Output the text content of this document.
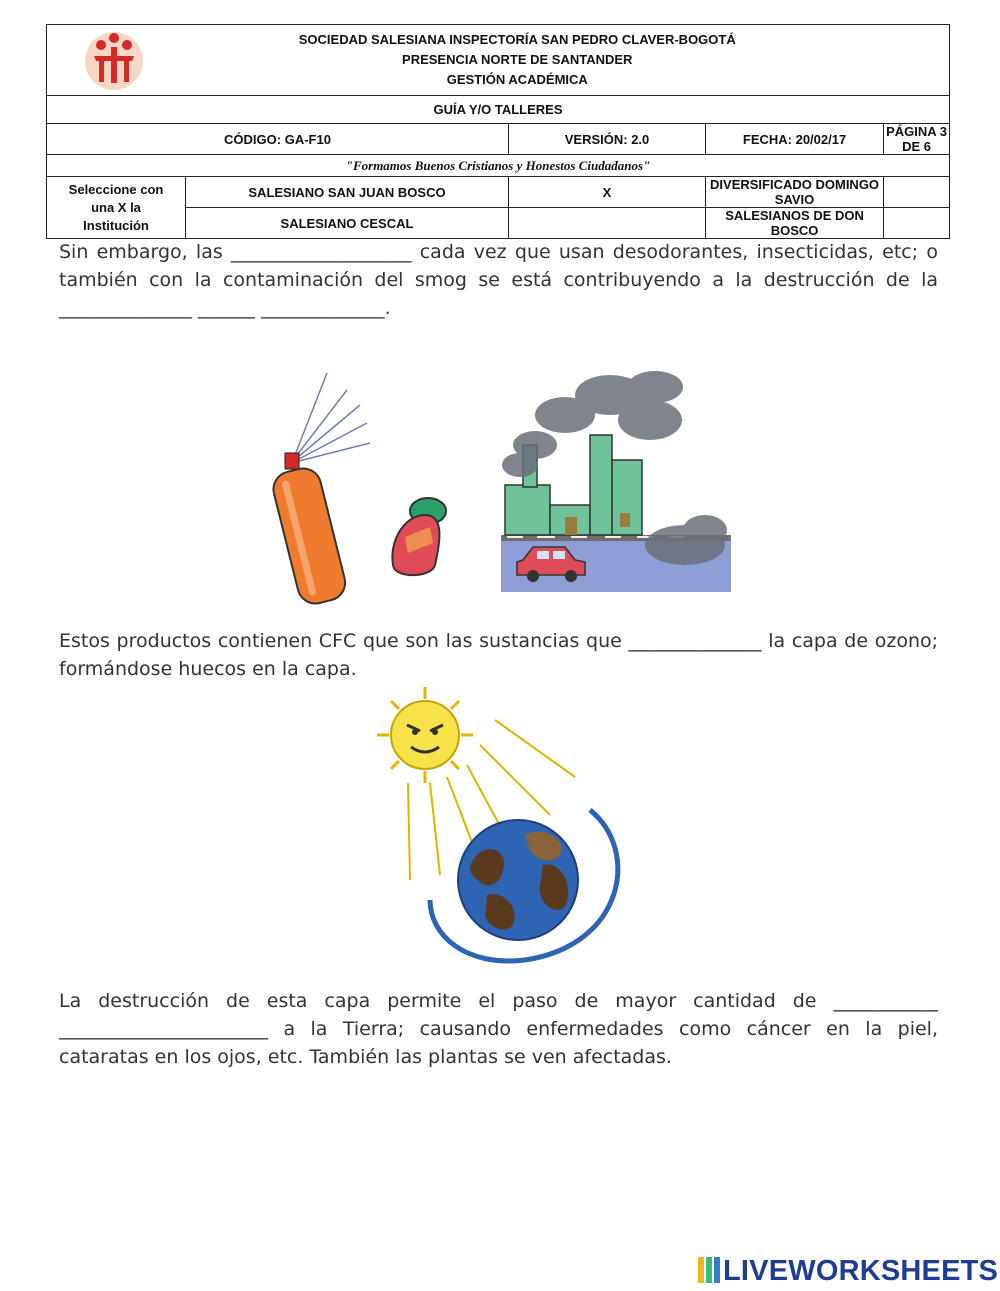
SOCIEDAD SALESIANA INSPECTORÍA SAN PEDRO CLAVER-BOGOTÁ
PRESENCIA NORTE DE SANTANDER
GESTIÓN ACADÉMICA			

GUÍA Y/O TALLERES				
CÓDIGO: GA-F10		VERSIÓN: 2.0	FECHA: 20/02/17	PÁGINA 3 DE 6
"Formamos Buenos Cristianos y Honestos Ciudadanos"				

Seleccione con
una X la
Institución	SALESIANO SAN JUAN BOSCO	X	DIVERSIFICADO DOMINGO SAVIO	
	SALESIANO CESCAL		SALESIANOS DE DON BOSCO	
Sin embargo, las ___________________ cada vez que usan desodorantes, insecticidas, etc; o también con la contaminación del smog se está contribuyendo a la destrucción de la ______________ ______ _____________.
Estos productos contienen CFC que son las sustancias que ______________ la capa de ozono; formándose huecos en la capa.
La destrucción de esta capa permite el paso de mayor cantidad de ___________ ______________________ a la Tierra; causando enfermedades como cáncer en la piel, cataratas en los ojos, etc. También las plantas se ven afectadas.
LIVEWORKSHEETS
